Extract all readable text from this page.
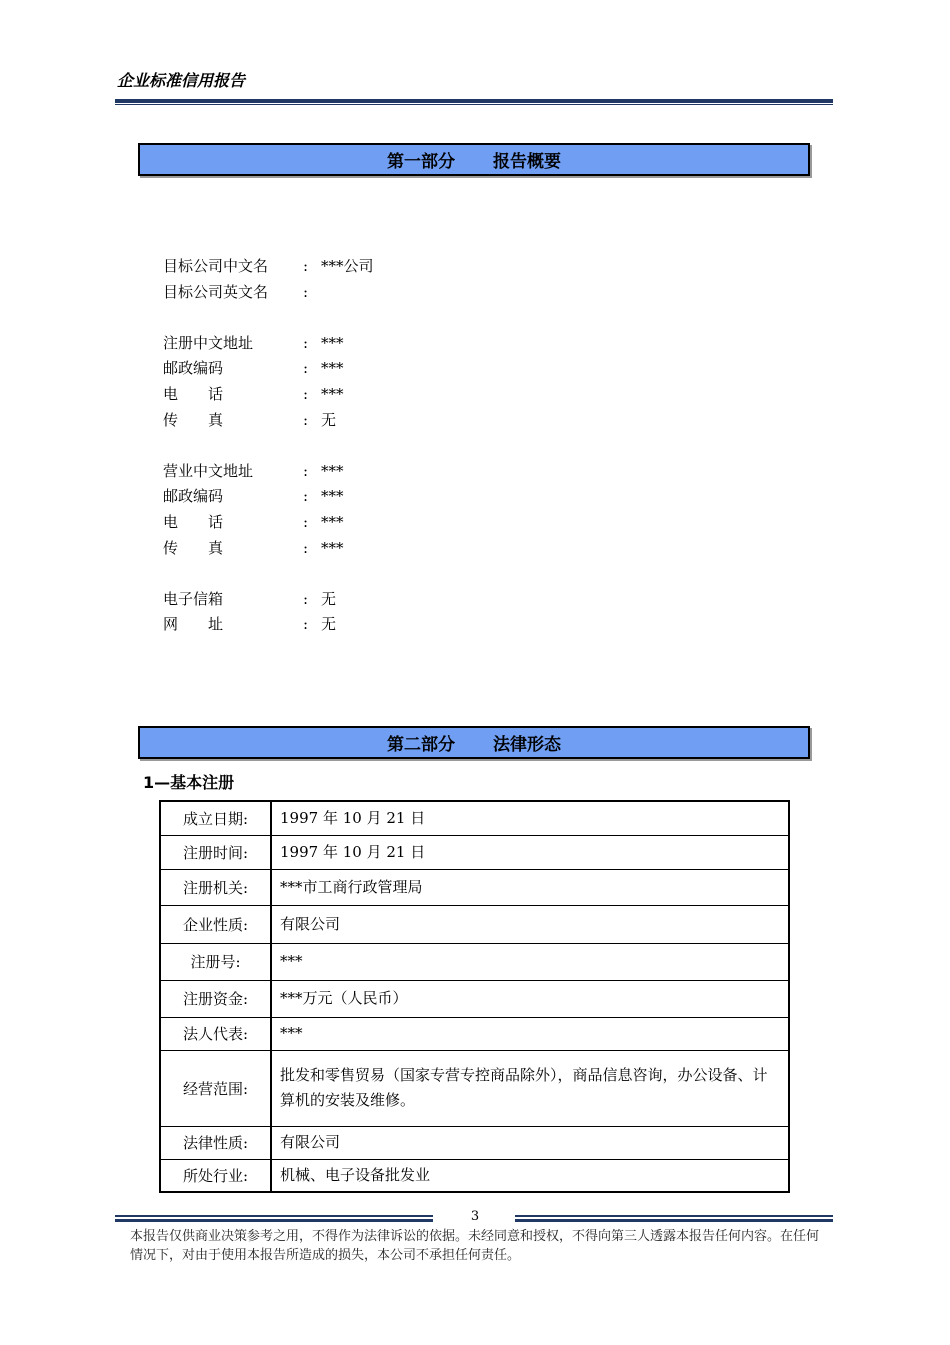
企业标准信用报告
第一部分 报告概要
目标公司中文名	: ***公司
目标公司英文名	:
注册中文地址	: ***
邮政编码	: ***
电　　话	: ***
传　　真	: 无
营业中文地址	: ***
邮政编码	: ***
电　　话	: ***
传　　真	: ***
电子信箱	: 无
网　　址	: 无
第二部分 法律形态
1—基本注册
成立日期:	1997 年 10 月 21 日
注册时间:	1997 年 10 月 21 日
注册机关:	***市工商行政管理局
企业性质:	有限公司
注册号:	***
注册资金:	***万元（人民币）
法人代表:	***
经营范围:	批发和零售贸易（国家专营专控商品除外），商品信息咨询，办公设备、计算机的安装及维修。
法律性质:	有限公司
所处行业:	机械、电子设备批发业
3
本报告仅供商业决策参考之用，不得作为法律诉讼的依据。未经同意和授权，不得向第三人透露本报告任何内容。在任何情况下，对由于使用本报告所造成的损失，本公司不承担任何责任。
